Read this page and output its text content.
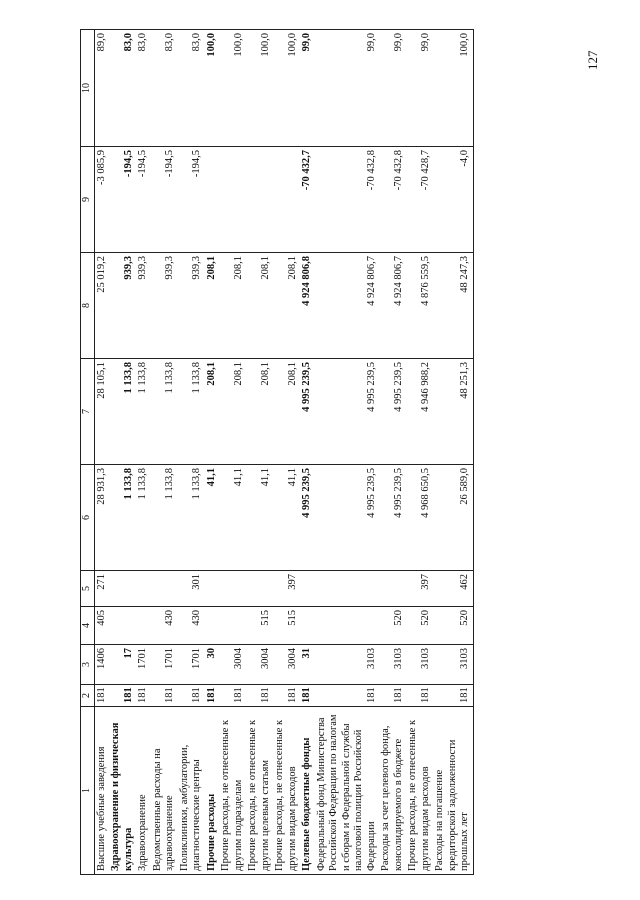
127
1	2	3	4	5	6	7	8	9	10
Высшие учебные заведения	181	1406	405	271	28 931,3	28 105,1	25 019,2	-3 085,9	89,0
Здравоохранение и физическая культура	181	17			1 133,8	1 133,8	939,3	-194,5	83,0
Здравоохранение	181	1701			1 133,8	1 133,8	939,3	-194,5	83,0
Ведомственные расходы на здравоохранение	181	1701	430		1 133,8	1 133,8	939,3	-194,5	83,0
Поликлиники, амбулатории, диагностические центры	181	1701	430	301	1 133,8	1 133,8	939,3	-194,5	83,0
Прочие расходы	181	30			41,1	208,1	208,1		100,0
Прочие расходы, не отнесенные к другим подразделам	181	3004			41,1	208,1	208,1		100,0
Прочие расходы, не отнесенные к другим целевым статьям	181	3004	515		41,1	208,1	208,1		100,0
Прочие расходы, не отнесенные к другим видам расходов	181	3004	515	397	41,1	208,1	208,1		100,0
Целевые бюджетные фонды	181	31			4 995 239,5	4 995 239,5	4 924 806,8	-70 432,7	99,0
Федеральный фонд Министерства Российской Федерации по налогам и сборам и Федеральной службы налоговой полиции Российской Федерации	181	3103			4 995 239,5	4 995 239,5	4 924 806,7	-70 432,8	99,0
Расходы за счет целевого фонда, консолидируемого в бюджете	181	3103	520		4 995 239,5	4 995 239,5	4 924 806,7	-70 432,8	99,0
Прочие расходы, не отнесенные к другим видам расходов	181	3103	520	397	4 968 650,5	4 946 988,2	4 876 559,5	-70 428,7	99,0
Расходы на погашение кредиторской задолженности прошлых лет	181	3103	520	462	26 589,0	48 251,3	48 247,3	-4,0	100,0
